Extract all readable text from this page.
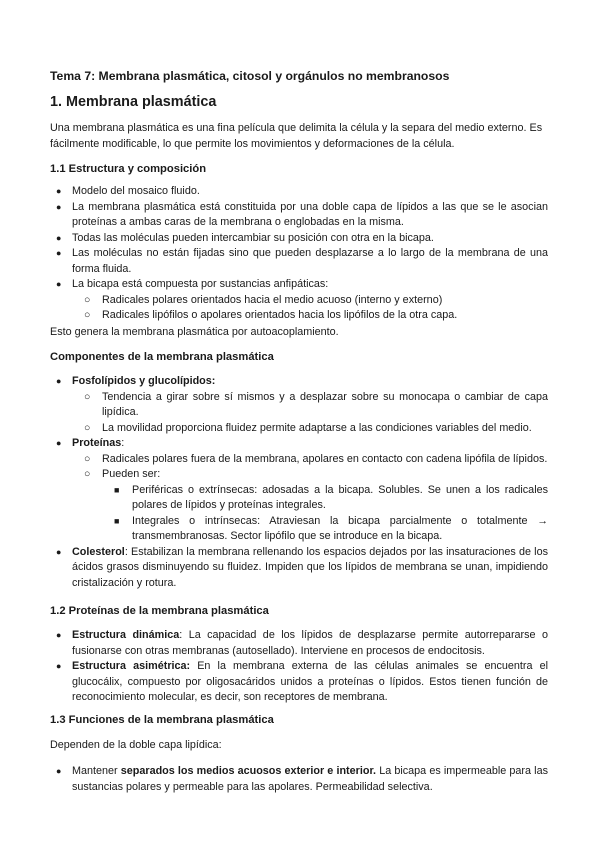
Tema 7: Membrana plasmática, citosol y orgánulos no membranosos

1. Membrana plasmática

Una membrana plasmática es una fina película que delimita la célula y la separa del medio externo. Es fácilmente modificable, lo que permite los movimientos y deformaciones de la célula.

1.1 Estructura y composición

● Modelo del mosaico fluido.
● La membrana plasmática está constituida por una doble capa de lípidos a las que se le asocian proteínas a ambas caras de la membrana o englobadas en la misma.
● Todas las moléculas pueden intercambiar su posición con otra en la bicapa.
● Las moléculas no están fijadas sino que pueden desplazarse a lo largo de la membrana de una forma fluida.
● La bicapa está compuesta por sustancias anfipáticas:
○ Radicales polares orientados hacia el medio acuoso (interno y externo)
○ Radicales lipófilos o apolares orientados hacia los lipófilos de la otra capa.

Esto genera la membrana plasmática por autoacoplamiento.

Componentes de la membrana plasmática

● Fosfolípidos y glucolípidos:
○ Tendencia a girar sobre sí mismos y a desplazar sobre su monocapa o cambiar de capa lipídica.
○ La movilidad proporciona fluidez permite adaptarse a las condiciones variables del medio.
● Proteínas:
○ Radicales polares fuera de la membrana, apolares en contacto con cadena lipófila de lípidos.
○ Pueden ser:
■ Periféricas o extrínsecas: adosadas a la bicapa. Solubles. Se unen a los radicales polares de lípidos y proteínas integrales.
■ Integrales o intrínsecas: Atraviesan la bicapa parcialmente o totalmente → transmembranosas. Sector lipófilo que se introduce en la bicapa.
● Colesterol: Estabilizan la membrana rellenando los espacios dejados por las insaturaciones de los ácidos grasos disminuyendo su fluidez. Impiden que los lípidos de membrana se unan, impidiendo cristalización y rotura.

1.2 Proteínas de la membrana plasmática

● Estructura dinámica: La capacidad de los lípidos de desplazarse permite autorrepararse o fusionarse con otras membranas (autosellado). Interviene en procesos de endocitosis.
● Estructura asimétrica: En la membrana externa de las células animales se encuentra el glucocálix, compuesto por oligosacáridos unidos a proteínas o lípidos. Estos tienen función de reconocimiento molecular, es decir, son receptores de membrana.

1.3 Funciones de la membrana plasmática

Dependen de la doble capa lipídica:

● Mantener separados los medios acuosos exterior e interior. La bicapa es impermeable para las sustancias polares y permeable para las apolares. Permeabilidad selectiva.
